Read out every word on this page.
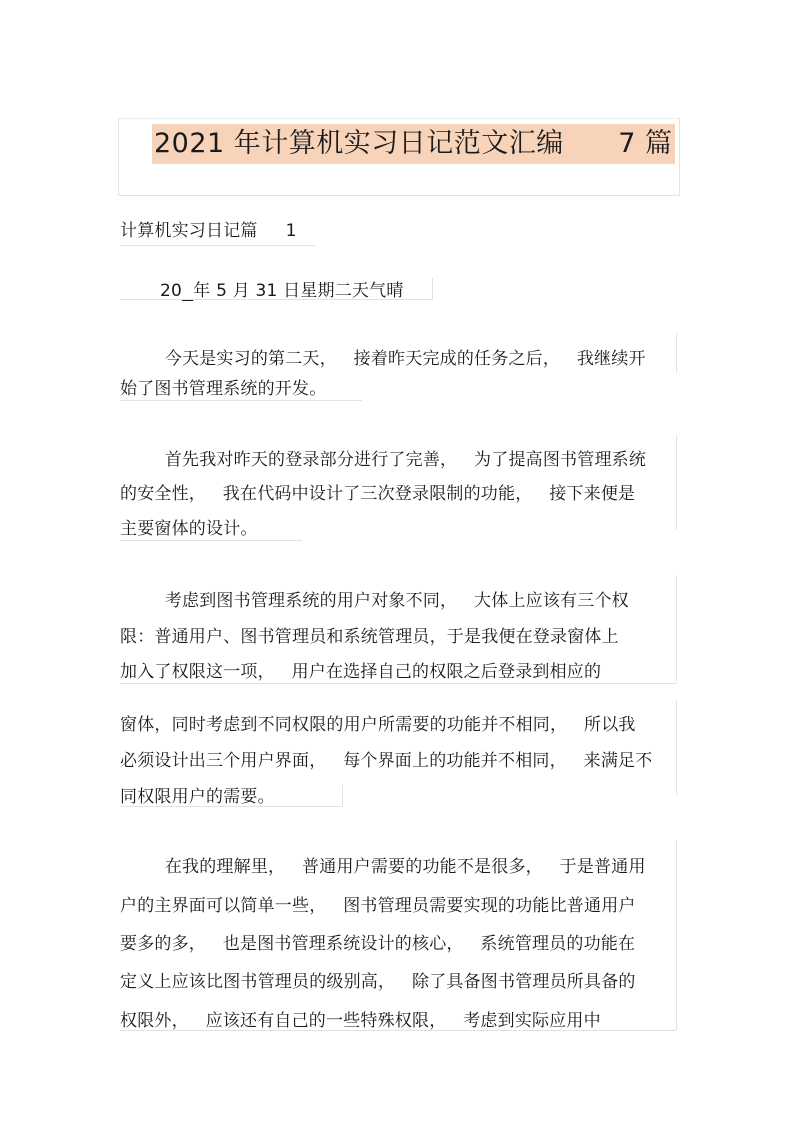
2021 年计算机实习日记范文汇编      7 篇
计算机实习日记篇     1
20 年 5 月 31 日星期二天气晴
今天是实习的第二天，   接着昨天完成的任务之后，   我继续开
始了图书管理系统的开发。
首先我对昨天的登录部分进行了完善，   为了提高图书管理系统
的安全性，   我在代码中设计了三次登录限制的功能，   接下来便是
主要窗体的设计。
考虑到图书管理系统的用户对象不同，   大体上应该有三个权
限：普通用户、图书管理员和系统管理员，于是我便在登录窗体上
加入了权限这一项，   用户在选择自己的权限之后登录到相应的
窗体，同时考虑到不同权限的用户所需要的功能并不相同，   所以我
必须设计出三个用户界面，   每个界面上的功能并不相同，   来满足不
同权限用户的需要。
在我的理解里，   普通用户需要的功能不是很多，   于是普通用
户的主界面可以简单一些，   图书管理员需要实现的功能比普通用户
要多的多，   也是图书管理系统设计的核心，   系统管理员的功能在
定义上应该比图书管理员的级别高，   除了具备图书管理员所具备的
权限外，   应该还有自己的一些特殊权限，   考虑到实际应用中
